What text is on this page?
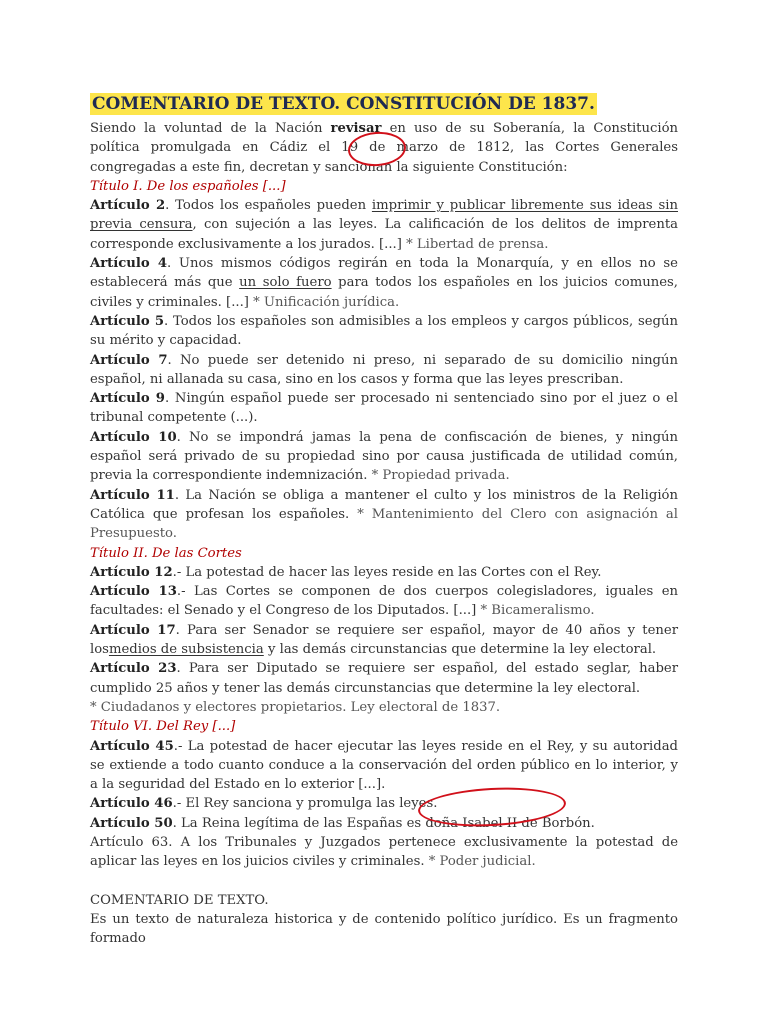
COMENTARIO DE TEXTO. CONSTITUCIÓN DE 1837.

Siendo la voluntad de la Nación revisar en uso de su Soberanía, la Constitución política promulgada en Cádiz el 19 de marzo de 1812, las Cortes Generales congregadas a este fin, decretan y sancionan la siguiente Constitución:

Título I. De los españoles [...]

Artículo 2. Todos los españoles pueden imprimir y publicar libremente sus ideas sin previa censura, con sujeción a las leyes. La calificación de los delitos de imprenta corresponde exclusivamente a los jurados. [...] * Libertad de prensa.

Artículo 4. Unos mismos códigos regirán en toda la Monarquía, y en ellos no se establecerá más que un solo fuero para todos los españoles en los juicios comunes, civiles y criminales. [...] * Unificación jurídica.

Artículo 5. Todos los españoles son admisibles a los empleos y cargos públicos, según su mérito y capacidad.

Artículo 7. No puede ser detenido ni preso, ni separado de su domicilio ningún español, ni allanada su casa, sino en los casos y forma que las leyes prescriban.

Artículo 9. Ningún español puede ser procesado ni sentenciado sino por el juez o el tribunal competente (...).

Artículo 10. No se impondrá jamas la pena de confiscación de bienes, y ningún español será privado de su propiedad sino por causa justificada de utilidad común, previa la correspondiente indemnización. * Propiedad privada.

Artículo 11. La Nación se obliga a mantener el culto y los ministros de la Religión Católica que profesan los españoles. * Mantenimiento del Clero con asignación al Presupuesto.

Título II. De las Cortes

Artículo 12.- La potestad de hacer las leyes reside en las Cortes con el Rey.

Artículo 13.- Las Cortes se componen de dos cuerpos colegisladores, iguales en facultades: el Senado y el Congreso de los Diputados. [...] * Bicameralismo.

Artículo 17. Para ser Senador se requiere ser español, mayor de 40 años y tener losmedios de subsistencia y las demás circunstancias que determine la ley electoral.

Artículo 23. Para ser Diputado se requiere ser español, del estado seglar, haber cumplido 25 años y tener las demás circunstancias que determine la ley electoral.

* Ciudadanos y electores propietarios. Ley electoral de 1837.

Título VI. Del Rey [...]

Artículo 45.- La potestad de hacer ejecutar las leyes reside en el Rey, y su autoridad se extiende a todo cuanto conduce a la conservación del orden público en lo interior, y a la seguridad del Estado en lo exterior [...].

Artículo 46.- El Rey sanciona y promulga las leyes.

Artículo 50. La Reina legítima de las Españas es doña Isabel II de Borbón.

Artículo 63. A los Tribunales y Juzgados pertenece exclusivamente la potestad de aplicar las leyes en los juicios civiles y criminales. * Poder judicial.

COMENTARIO DE TEXTO.

Es un texto de naturaleza historica y de contenido político jurídico. Es un fragmento formado
